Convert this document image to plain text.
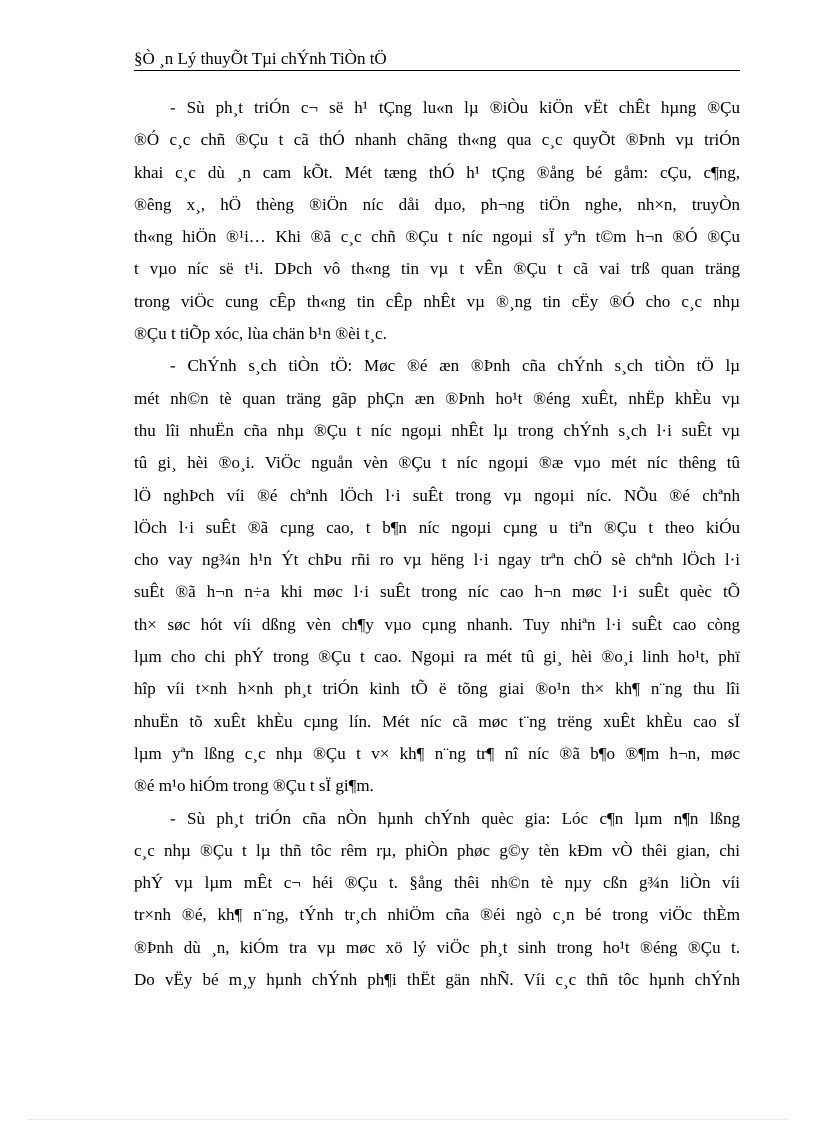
§Ò ¸n Lý thuyÕt Tµi chÝnh TiÒn tÖ
- Sù ph¸t triÓn c¬ së h¹ tÇng lu«n lµ ®iÒu kiÖn vËt chÊt hµng ®Çu
®Ó c¸c chñ ®Çu t cã thÓ nhanh chãng th«ng qua c¸c quyÕt ®Þnh vµ triÓn
khai c¸c dù ¸n cam kÕt. Mét tæng thÓ h¹ tÇng ®ång bé gåm: cÇu, c¶ng,
®êng x¸, hÖ thèng ®iÖn níc dåi dµo, ph¬ng tiÖn nghe, nh×n, truyÒn
th«ng hiÖn ®¹i… Khi ®ã c¸c chñ ®Çu t níc ngoµi sÏ yªn t©m h¬n ®Ó ®Çu
t vµo níc së t¹i. DÞch vô th«ng tin vµ t vÊn ®Çu t cã vai trß quan träng
trong viÖc cung cÊp th«ng tin cÊp nhÊt vµ ®¸ng tin cËy ®Ó cho c¸c nhµ
®Çu t tiÕp xóc, lùa chän b¹n ®èi t¸c.
- ChÝnh s¸ch tiÒn tÖ: Møc ®é æn ®Þnh cña chÝnh s¸ch tiÒn tÖ lµ
mét nh©n tè quan träng gãp phÇn æn ®Þnh ho¹t ®éng xuÊt, nhËp khÈu vµ
thu lîi nhuËn cña nhµ ®Çu t níc ngoµi nhÊt lµ trong chÝnh s¸ch l·i suÊt vµ
tû gi¸ hèi ®o¸i. ViÖc nguån vèn ®Çu t níc ngoµi ®æ vµo mét níc thêng tû
lÖ nghÞch víi ®é chªnh lÖch l·i suÊt trong vµ ngoµi níc. NÕu ®é chªnh
lÖch l·i suÊt ®ã cµng cao, t b¶n níc ngoµi cµng u tiªn ®Çu t theo kiÓu
cho vay ng¾n h¹n Ýt chÞu rñi ro vµ hëng l·i ngay trªn chÖ sè chªnh lÖch l·i
suÊt ®ã h¬n n÷a khi møc l·i suÊt trong níc cao h¬n møc l·i suÊt quèc tÕ
th× søc hót víi dßng vèn ch¶y vµo cµng nhanh. Tuy nhiªn l·i suÊt cao còng
lµm cho chi phÝ trong ®Çu t cao. Ngoµi ra mét tû gi¸ hèi ®o¸i linh ho¹t, phï
hîp víi t×nh h×nh ph¸t triÓn kinh tÕ ë tõng giai ®o¹n th× kh¶ n¨ng thu lîi
nhuËn tõ xuÊt khÈu cµng lín. Mét níc cã møc t¨ng trëng xuÊt khÈu cao sÏ
lµm yªn lßng c¸c nhµ ®Çu t v× kh¶ n¨ng tr¶ nî níc ®ã b¶o ®¶m h¬n, møc
®é m¹o hiÓm trong ®Çu t sÏ gi¶m.
- Sù ph¸t triÓn cña nÒn hµnh chÝnh quèc gia: Lóc c¶n lµm n¶n lßng
c¸c nhµ ®Çu t lµ thñ tôc rêm rµ, phiÒn phøc g©y tèn kÐm vÒ thêi gian, chi
phÝ vµ lµm mÊt c¬ héi ®Çu t. §ång thêi nh©n tè nµy cßn g¾n liÒn víi
tr×nh ®é, kh¶ n¨ng, tÝnh tr¸ch nhiÖm cña ®éi ngò c¸n bé trong viÖc thÈm
®Þnh dù ¸n, kiÓm tra vµ møc xö lý viÖc ph¸t sinh trong ho¹t ®éng ®Çu t.
Do vËy bé m¸y hµnh chÝnh ph¶i thËt gän nhÑ. Víi c¸c thñ tôc hµnh chÝnh
